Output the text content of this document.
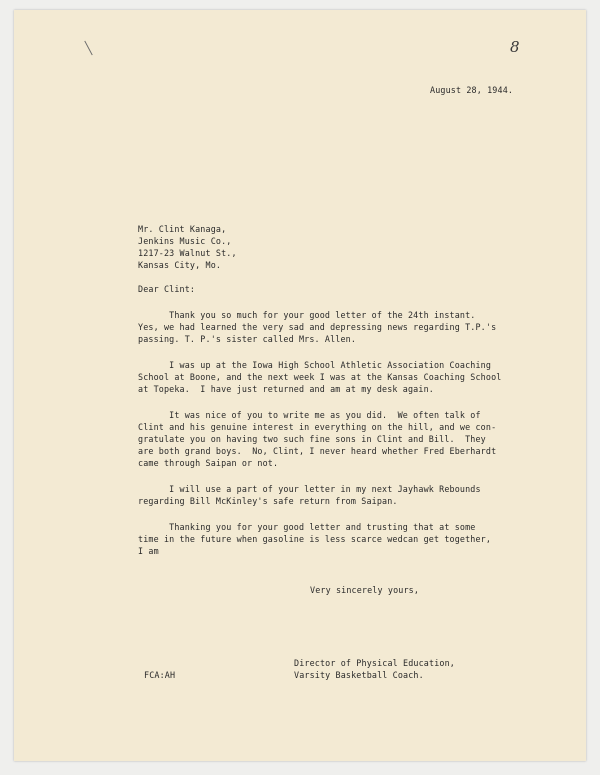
8
August 28, 1944.
Mr. Clint Kanaga,
Jenkins Music Co.,
1217-23 Walnut St.,
Kansas City, Mo.
Dear Clint:
Thank you so much for your good letter of the 24th instant.
Yes, we had learned the very sad and depressing news regarding T.P.'s
passing. T. P.'s sister called Mrs. Allen.
I was up at the Iowa High School Athletic Association Coaching
School at Boone, and the next week I was at the Kansas Coaching School
at Topeka.  I have just returned and am at my desk again.
It was nice of you to write me as you did.  We often talk of
Clint and his genuine interest in everything on the hill, and we con-
gratulate you on having two such fine sons in Clint and Bill.  They
are both grand boys.  No, Clint, I never heard whether Fred Eberhardt
came through Saipan or not.
I will use a part of your letter in my next Jayhawk Rebounds
regarding Bill McKinley's safe return from Saipan.
Thanking you for your good letter and trusting that at some
time in the future when gasoline is less scarce wedcan get together,
I am
Very sincerely yours,
Director of Physical Education,
Varsity Basketball Coach.
FCA:AH
